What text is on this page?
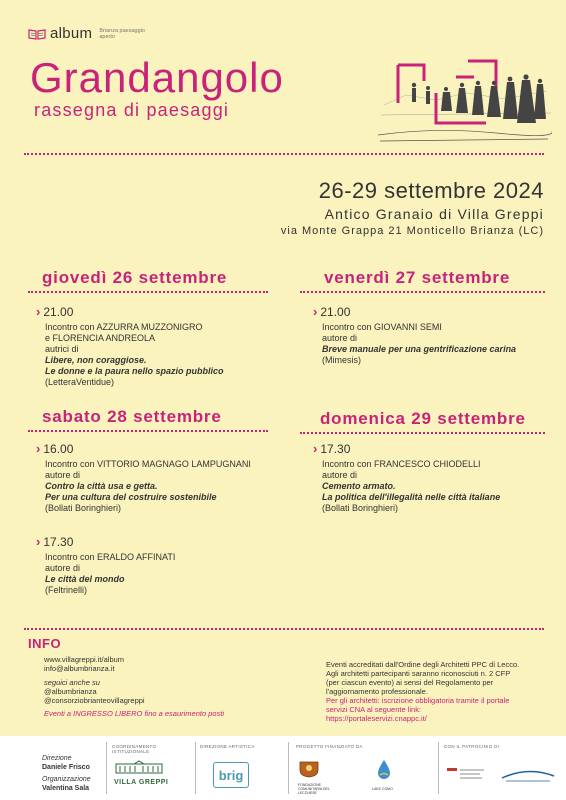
album Brianza paesaggio aperto
Grandangolo
rassegna di paesaggi
26-29 settembre 2024
Antico Granaio di Villa Greppi
via Monte Grappa 21 Monticello Brianza (LC)
giovedì 26 settembre
› 21.00
Incontro con AZZURRA MUZZONIGRO
e FLORENCIA ANDREOLA
autrici di
Libere, non coraggiose.
Le donne e la paura nello spazio pubblico
(LetteraVentidue)
venerdì 27 settembre
› 21.00
Incontro con GIOVANNI SEMI
autore di
Breve manuale per una gentrificazione carina
(Mimesis)
sabato 28 settembre
› 16.00
Incontro con VITTORIO MAGNAGO LAMPUGNANI
autore di
Contro la città usa e getta.
Per una cultura del costruire sostenibile
(Bollati Boringhieri)
› 17.30
Incontro con ERALDO AFFINATI
autore di
Le città del mondo
(Feltrinelli)
domenica 29 settembre
› 17.30
Incontro con FRANCESCO CHIODELLI
autore di
Cemento armato.
La politica dell'illegalità nelle città italiane
(Bollati Boringhieri)
INFO
www.villagreppi.it/album
info@albumbrianza.it
seguici anche su
@albumbrianza
@consorziobrianteovillagreppi
Eventi a INGRESSO LIBERO fino a esaurimento posti
Eventi accreditati dall'Ordine degli Architetti PPC di Lecco.
Agli architetti partecipanti saranno riconosciuti n. 2 CFP
(per ciascun evento) ai sensi del Regolamento per
l'aggiornamento professionale.
Per gli architetti: iscrizione obbligatoria tramite il portale
servizi CNA al seguente link:
https://portaleservizi.cnappc.it/
Direzione
Daniele Frisco
Organizzazione
Valentina Sala
COORDINAMENTO ISTITUZIONALE
VILLA GREPPI
DIREZIONE ARTISTICA
brig
PROGETTO FINANZIATO DA
FONDAZIONE COMUNITARIA DEL LECCHESE
LAKE COMO
CON IL PATROCINIO DI
